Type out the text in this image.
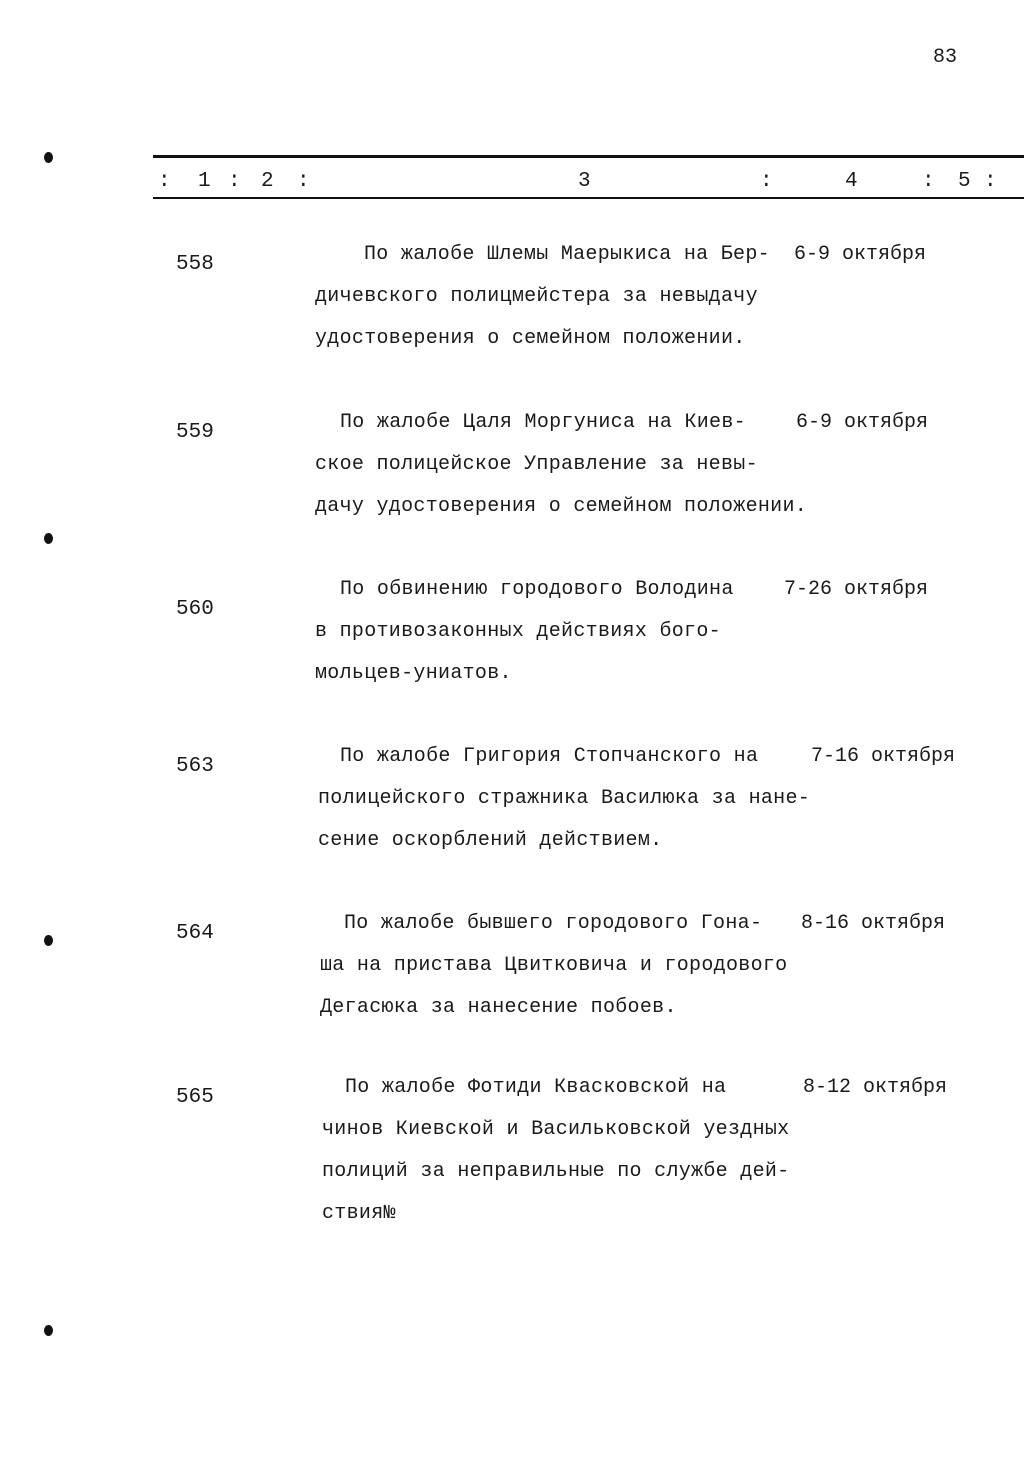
83
: 1 : 2 :	3	:	4	: 5 :
558	По жалобе Шлемы Маерыкиса на Бер-
дичевского полицмейстера за невыдачу
удостоверения о семейном положении.
6-9 октября
559	По жалобе Цаля Моргуниса на Киев-
ское полицейское Управление за невы-
дачу удостоверения о семейном положении.
6-9 октября
560
По обвинению городового Володина
в противозаконных действиях бого-
мольцев-униатов.
7-26 октября
563	По жалобе Григория Стопчанского на
полицейского стражника Василюка за нане-
сение оскорблений действием.
7-16 октября
564	По жалобе бывшего городового Гона-
ша на пристава Цвитковича и городового
Дегасюка за нанесение побоев.
8-16 октября
565	По жалобе Фотиди Квасковской на
чинов Киевской и Васильковской уездных
полиций за неправильные по службе дей-
ствия№
8-12 октября
